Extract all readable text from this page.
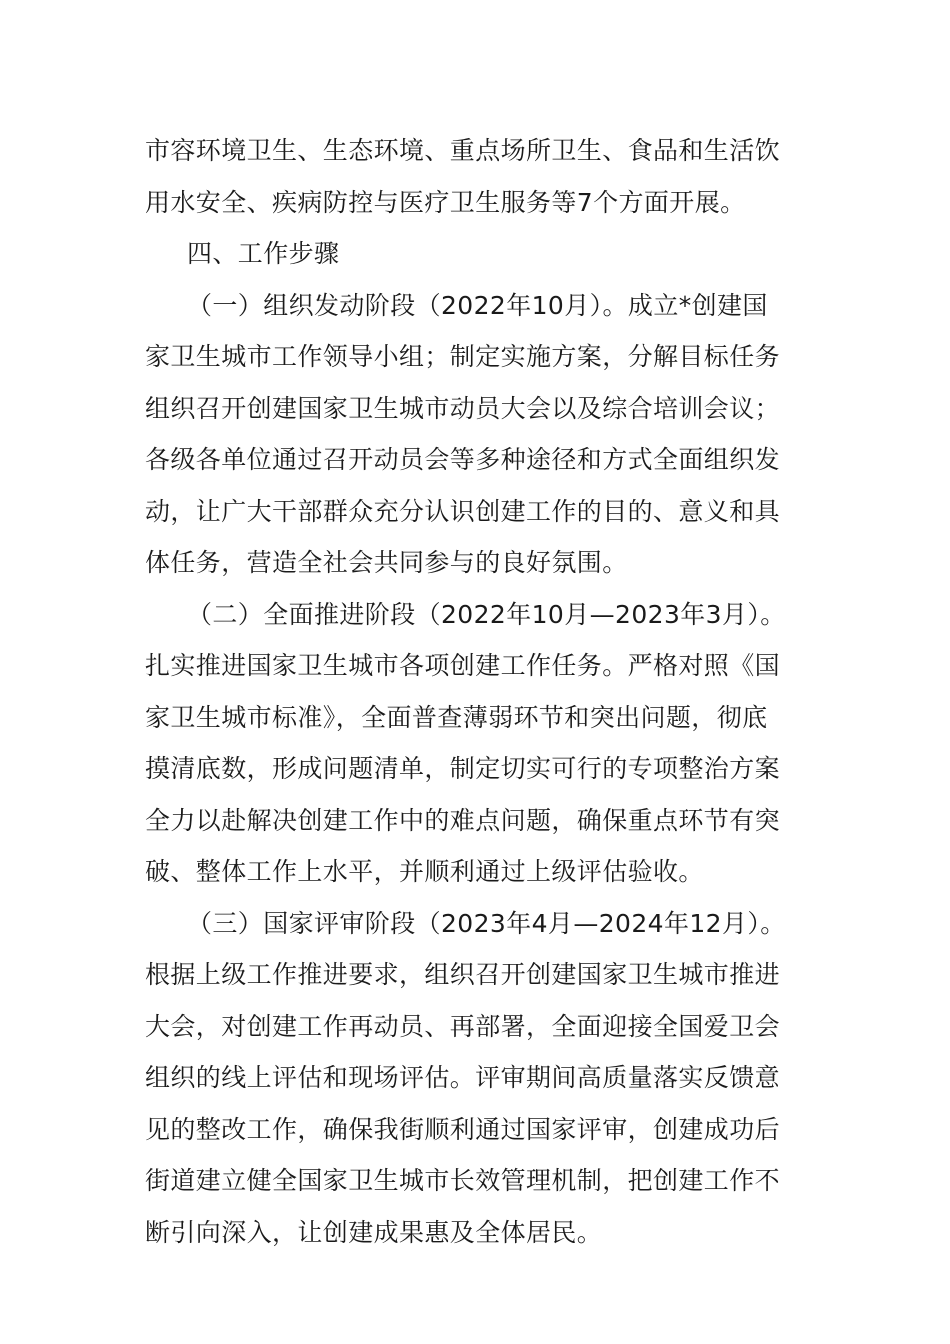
市容环境卫生、生态环境、重点场所卫生、食品和生活饮
用水安全、疾病防控与医疗卫生服务等7个方面开展。

四、工作步骤

（一）组织发动阶段（2022年10月）。成立*创建国
家卫生城市工作领导小组；制定实施方案，分解目标任务
组织召开创建国家卫生城市动员大会以及综合培训会议；
各级各单位通过召开动员会等多种途径和方式全面组织发
动，让广大干部群众充分认识创建工作的目的、意义和具
体任务，营造全社会共同参与的良好氛围。

（二）全面推进阶段（2022年10月—2023年3月）。
扎实推进国家卫生城市各项创建工作任务。严格对照《国
家卫生城市标准》，全面普查薄弱环节和突出问题，彻底
摸清底数，形成问题清单，制定切实可行的专项整治方案
全力以赴解决创建工作中的难点问题，确保重点环节有突
破、整体工作上水平，并顺利通过上级评估验收。

（三）国家评审阶段（2023年4月—2024年12月）。
根据上级工作推进要求，组织召开创建国家卫生城市推进
大会，对创建工作再动员、再部署，全面迎接全国爱卫会
组织的线上评估和现场评估。评审期间高质量落实反馈意
见的整改工作，确保我街顺利通过国家评审，创建成功后
街道建立健全国家卫生城市长效管理机制，把创建工作不
断引向深入，让创建成果惠及全体居民。
